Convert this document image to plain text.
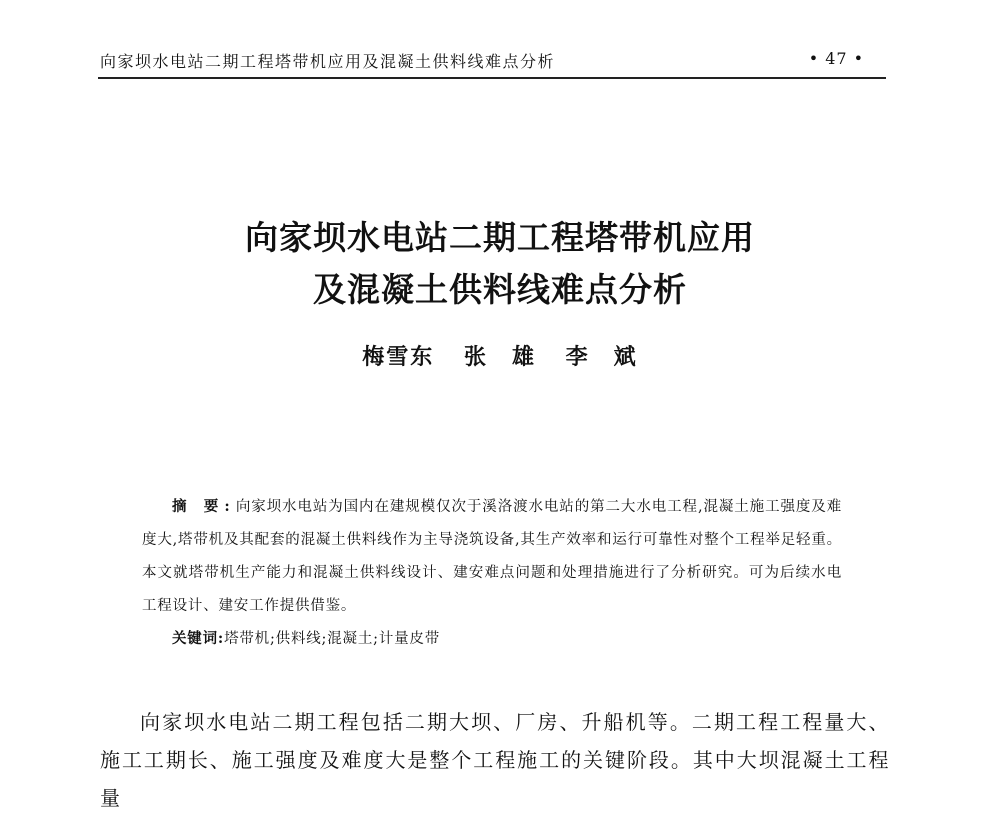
向家坝水电站二期工程塔带机应用及混凝土供料线难点分析	• 47 •
向家坝水电站二期工程塔带机应用
及混凝土供料线难点分析
梅雪东 张　雄 李　斌

摘 要:向家坝水电站为国内在建规模仅次于溪洛渡水电站的第二大水电工程,混凝土施工强度及难度大,塔带机及其配套的混凝土供料线作为主导浇筑设备,其生产效率和运行可靠性对整个工程举足轻重。本文就塔带机生产能力和混凝土供料线设计、建安难点问题和处理措施进行了分析研究。可为后续水电工程设计、建安工作提供借鉴。

关键词:塔带机;供料线;混凝土;计量皮带

向家坝水电站二期工程包括二期大坝、厂房、升船机等。二期工程工程量大、施工工期长、施工强度及难度大是整个工程施工的关键阶段。其中大坝混凝土工程量
